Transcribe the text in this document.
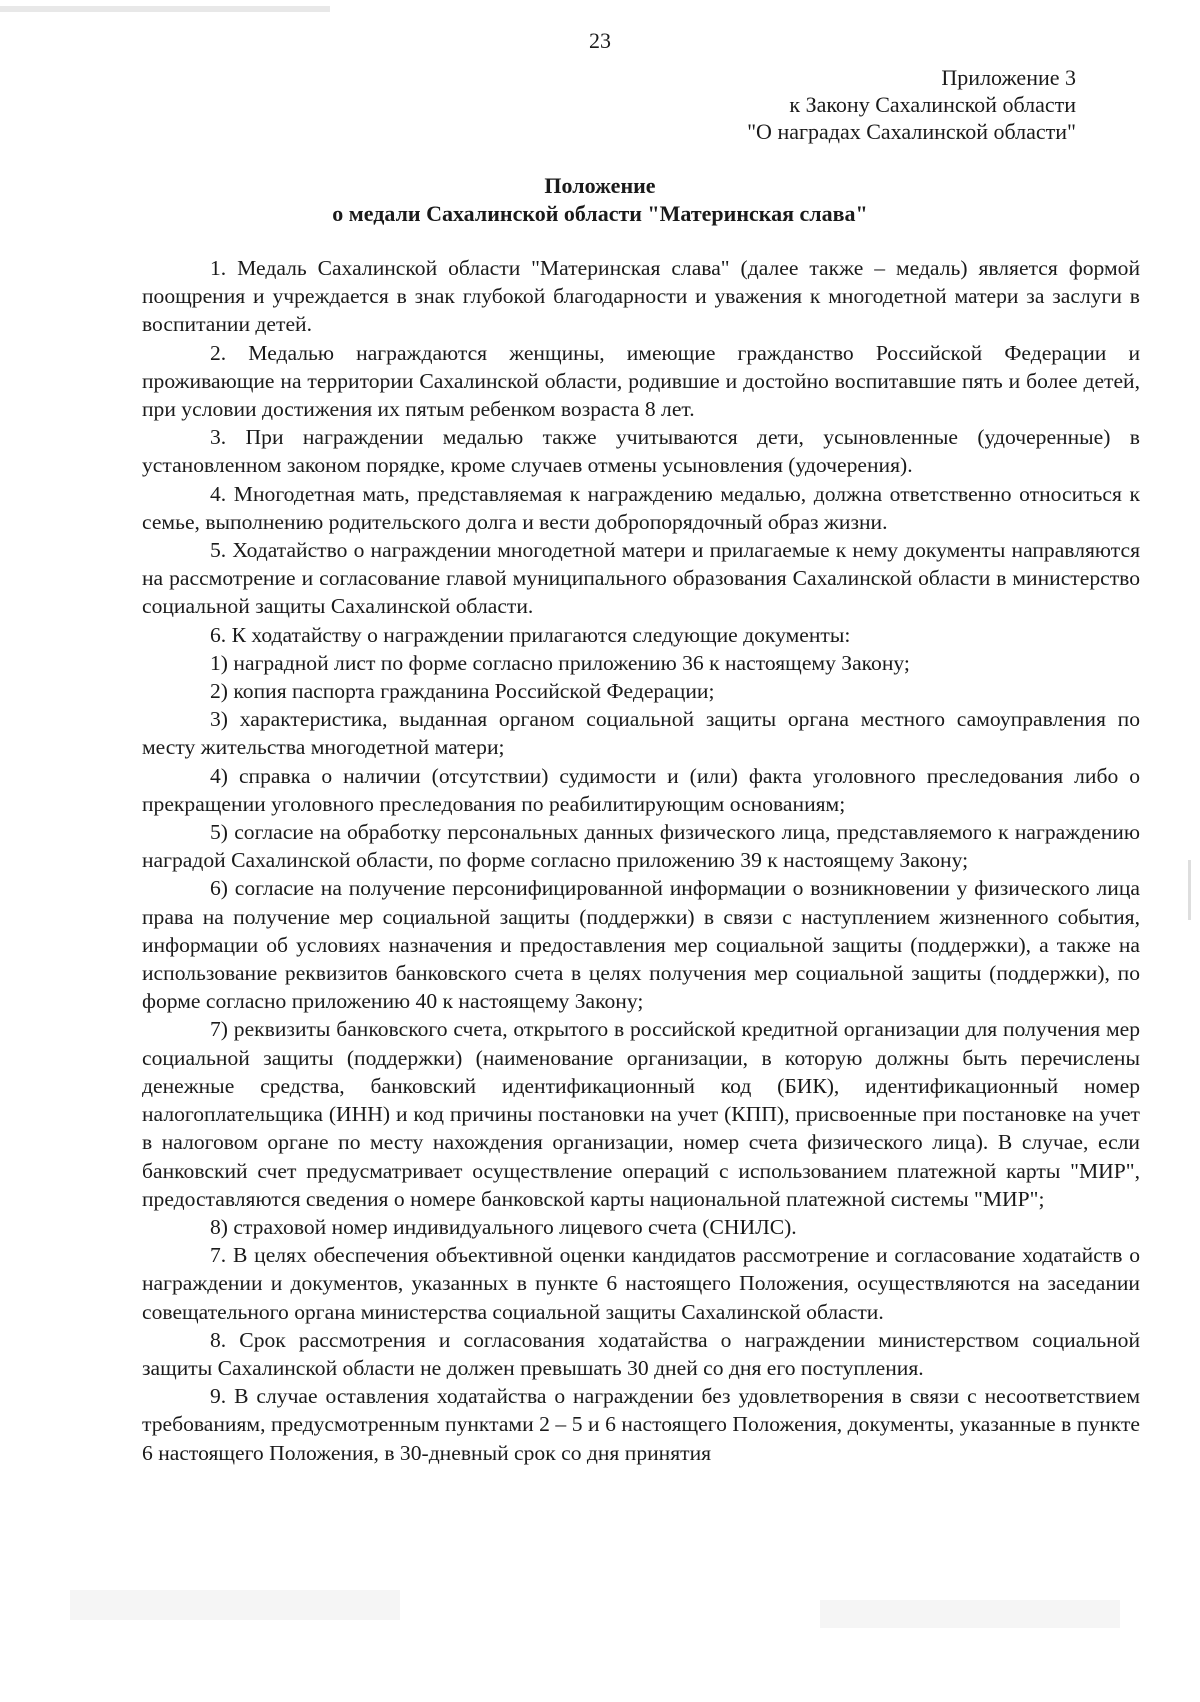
23
Приложение 3
к Закону Сахалинской области
"О наградах Сахалинской области"
Положение
о медали Сахалинской области "Материнская слава"

1. Медаль Сахалинской области "Материнская слава" (далее также – медаль) является формой поощрения и учреждается в знак глубокой благодарности и уважения к многодетной матери за заслуги в воспитании детей.

2. Медалью награждаются женщины, имеющие гражданство Российской Федерации и проживающие на территории Сахалинской области, родившие и достойно воспитавшие пять и более детей, при условии достижения их пятым ребенком возраста 8 лет.

3. При награждении медалью также учитываются дети, усыновленные (удочеренные) в установленном законом порядке, кроме случаев отмены усыновления (удочерения).

4. Многодетная мать, представляемая к награждению медалью, должна ответственно относиться к семье, выполнению родительского долга и вести добропорядочный образ жизни.

5. Ходатайство о награждении многодетной матери и прилагаемые к нему документы направляются на рассмотрение и согласование главой муниципального образования Сахалинской области в министерство социальной защиты Сахалинской области.

6. К ходатайству о награждении прилагаются следующие документы:

1) наградной лист по форме согласно приложению 36 к настоящему Закону;

2) копия паспорта гражданина Российской Федерации;

3) характеристика, выданная органом социальной защиты органа местного самоуправления по месту жительства многодетной матери;

4) справка о наличии (отсутствии) судимости и (или) факта уголовного преследования либо о прекращении уголовного преследования по реабилитирующим основаниям;

5) согласие на обработку персональных данных физического лица, представляемого к награждению наградой Сахалинской области, по форме согласно приложению 39 к настоящему Закону;

6) согласие на получение персонифицированной информации о возникновении у физического лица права на получение мер социальной защиты (поддержки) в связи с наступлением жизненного события, информации об условиях назначения и предоставления мер социальной защиты (поддержки), а также на использование реквизитов банковского счета в целях получения мер социальной защиты (поддержки), по форме согласно приложению 40 к настоящему Закону;

7) реквизиты банковского счета, открытого в российской кредитной организации для получения мер социальной защиты (поддержки) (наименование организации, в которую должны быть перечислены денежные средства, банковский идентификационный код (БИК), идентификационный номер налогоплательщика (ИНН) и код причины постановки на учет (КПП), присвоенные при постановке на учет в налоговом органе по месту нахождения организации, номер счета физического лица). В случае, если банковский счет предусматривает осуществление операций с использованием платежной карты "МИР", предоставляются сведения о номере банковской карты национальной платежной системы "МИР";

8) страховой номер индивидуального лицевого счета (СНИЛС).

7. В целях обеспечения объективной оценки кандидатов рассмотрение и согласование ходатайств о награждении и документов, указанных в пункте 6 настоящего Положения, осуществляются на заседании совещательного органа министерства социальной защиты Сахалинской области.

8. Срок рассмотрения и согласования ходатайства о награждении министерством социальной защиты Сахалинской области не должен превышать 30 дней со дня его поступления.

9. В случае оставления ходатайства о награждении без удовлетворения в связи с несоответствием требованиям, предусмотренным пунктами 2 – 5 и 6 настоящего Положения, документы, указанные в пункте 6 настоящего Положения, в 30-дневный срок со дня принятия
